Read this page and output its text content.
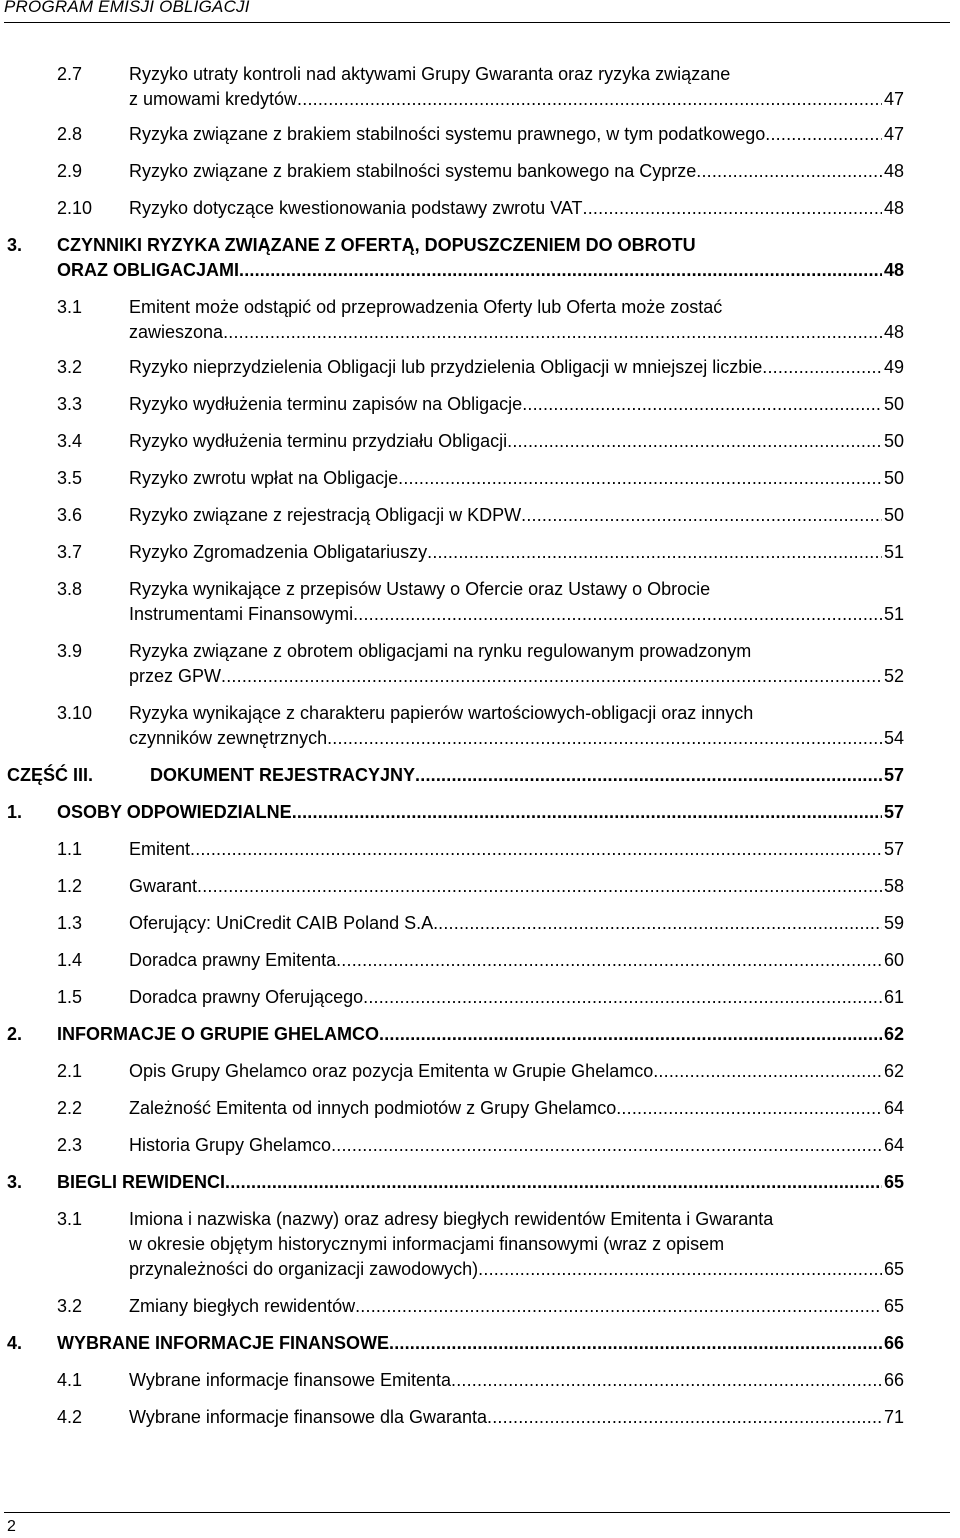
PROGRAM EMISJI OBLIGACJI
2.7	Ryzyko utraty kontroli nad aktywami Grupy Gwaranta oraz ryzyka związane
z umowami kredytów . . .	47
2.8	Ryzyka związane z brakiem stabilności systemu prawnego, w tym podatkowego . . .	47
2.9	Ryzyko związane z brakiem stabilności systemu bankowego na Cyprze . . .	48
2.10 Ryzyko dotyczące kwestionowania podstawy zwrotu VAT . . .	48
3. CZYNNIKI RYZYKA ZWIĄZANE Z OFERTĄ, DOPUSZCZENIEM DO OBROTU
ORAZ OBLIGACJAMI . . .	48
3.1	Emitent może odstąpić od przeprowadzenia Oferty lub Oferta może zostać
zawieszona . . .	48
3.2	Ryzyko nieprzydzielenia Obligacji lub przydzielenia Obligacji w mniejszej liczbie . . .	49
3.3	Ryzyko wydłużenia terminu zapisów na Obligacje . . .	50
3.4	Ryzyko wydłużenia terminu przydziału Obligacji . . .	50
3.5	Ryzyko zwrotu wpłat na Obligacje . . .	50
3.6	Ryzyko związane z rejestracją Obligacji w KDPW . . .	50
3.7	Ryzyko Zgromadzenia Obligatariuszy . . .	51
3.8	Ryzyka wynikające z przepisów Ustawy o Ofercie oraz Ustawy o Obrocie
Instrumentami Finansowymi . . .	51
3.9	Ryzyka związane z obrotem obligacjami na rynku regulowanym prowadzonym
przez GPW . . .	52
3.10 Ryzyka wynikające z charakteru papierów wartościowych-obligacji oraz innych
czynników zewnętrznych . . .	54
CZĘŚĆ III.	DOKUMENT REJESTRACYJNY . . .	57
1. OSOBY ODPOWIEDZIALNE . . .	57
1.1	Emitent . . .	57
1.2	Gwarant . . .	58
1.3	Oferujący: UniCredit CAIB Poland S.A. . . .	59
1.4	Doradca prawny Emitenta . . .	60
1.5	Doradca prawny Oferującego . . .	61
2. INFORMACJE O GRUPIE GHELAMCO . . .	62
2.1	Opis Grupy Ghelamco oraz pozycja Emitenta w Grupie Ghelamco . . .	62
2.2	Zależność Emitenta od innych podmiotów z Grupy Ghelamco . . .	64
2.3	Historia Grupy Ghelamco . . .	64
3. BIEGLI REWIDENCI . . .	65
3.1	Imiona i nazwiska (nazwy) oraz adresy biegłych rewidentów Emitenta i Gwaranta
w okresie objętym historycznymi informacjami finansowymi (wraz z opisem
przynależności do organizacji zawodowych) . . .	65
3.2	Zmiany biegłych rewidentów . . .	65
4. WYBRANE INFORMACJE FINANSOWE . . .	66
4.1	Wybrane informacje finansowe Emitenta . . .	66
4.2	Wybrane informacje finansowe dla Gwaranta . . .	71
2
